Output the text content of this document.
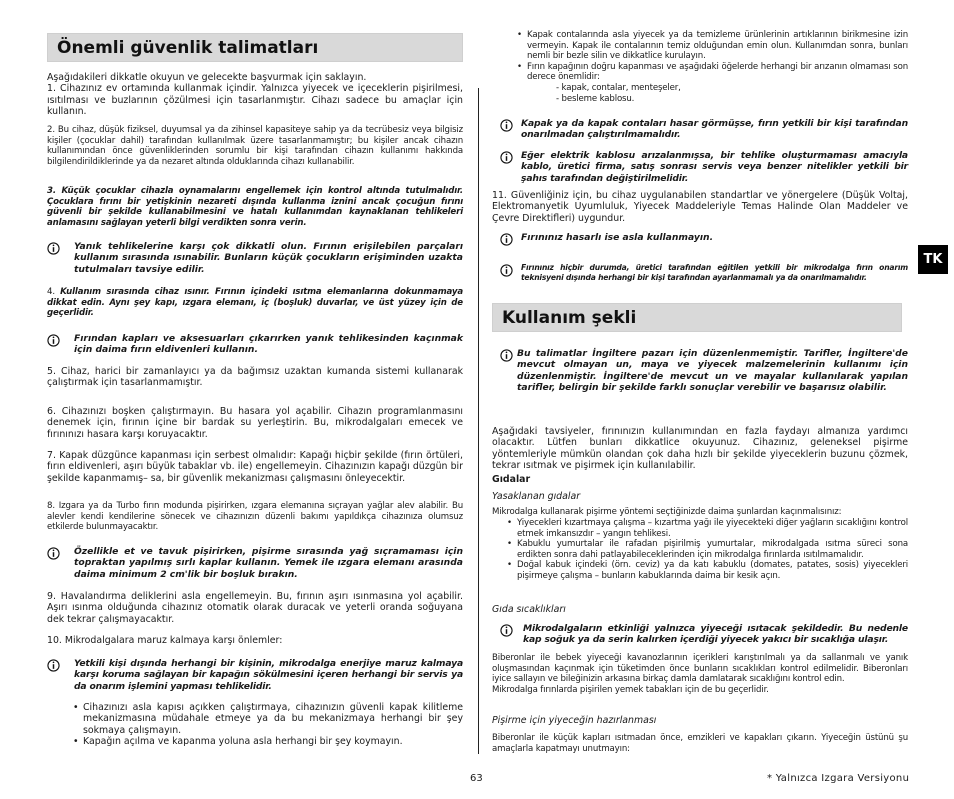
Önemli güvenlik talimatları

Aşağıdakileri dikkatle okuyun ve gelecekte başvurmak için saklayın.

1. Cihazınız ev ortamında kullanmak içindir. Yalnızca yiyecek ve içeceklerin pişirilmesi, ısıtılması ve buzlarının çözülmesi için tasarlanmıştır. Cihazı sadece bu amaçlar için kullanın.

2. Bu cihaz, düşük fiziksel, duyumsal ya da zihinsel kapasiteye sahip ya da tecrübesiz veya bilgisiz kişiler (çocuklar dahil) tarafından kullanılmak üzere tasarlanmamıştır; bu kişiler ancak cihazın kullanımından önce güvenliklerinden sorumlu bir kişi tarafından cihazın kullanımı hakkında bilgilendirildiklerinde ya da nezaret altında olduklarında cihazı kullanabilir.
3. Küçük çocuklar cihazla oynamalarını engellemek için kontrol altında tutulmalıdır. Çocuklara fırını bir yetişkinin nezareti dışında kullanma iznini ancak çocuğun fırını güvenli bir şekilde kullanabilmesini ve hatalı kullanımdan kaynaklanan tehlikeleri anlamasını sağlayan yeterli bilgi verdikten sonra verin.
Yanık tehlikelerine karşı çok dikkatli olun. Fırının erişilebilen parçaları kullanım sırasında ısınabilir. Bunların küçük çocukların erişiminden uzakta tutulmaları tavsiye edilir.
4. Kullanım sırasında cihaz ısınır. Fırının içindeki ısıtma elemanlarına dokunmamaya dikkat edin. Aynı şey kapı, ızgara elemanı, iç (boşluk) duvarlar, ve üst yüzey için de geçerlidir.
Fırından kapları ve aksesuarları çıkarırken yanık tehlikesinden kaçınmak için daima fırın eldivenleri kullanın.
5. Cihaz, harici bir zamanlayıcı ya da bağımsız uzaktan kumanda sistemi kullanarak çalıştırmak için tasarlanmamıştır.
6. Cihazınızı boşken çalıştırmayın. Bu hasara yol açabilir. Cihazın programlanmasını denemek için, fırının içine bir bardak su yerleştirin. Bu, mikrodalgaları emecek ve fırınınızı hasara karşı koruyacaktır.
7. Kapak düzgünce kapanması için serbest olmalıdır: Kapağı hiçbir şekilde (fırın örtüleri, fırın eldivenleri, aşırı büyük tabaklar vb. ile) engellemeyin. Cihazınızın kapağı düzgün bir şekilde kapanmamış– sa, bir güvenlik mekanizması çalışmasını önleyecektir.
8. Izgara ya da Turbo fırın modunda pişirirken, ızgara elemanına sıçrayan yağlar alev alabilir. Bu alevler kendi kendilerine sönecek ve cihazınızın düzenli bakımı yapıldıkça cihazınıza olumsuz etkilerde bulunmayacaktır.
Özellikle et ve tavuk pişirirken, pişirme sırasında yağ sıçramaması için topraktan yapılmış sırlı kaplar kullanın. Yemek ile ızgara elemanı arasında daima minimum 2 cm'lik bir boşluk bırakın.
9. Havalandırma deliklerini asla engellemeyin. Bu, fırının aşırı ısınmasına yol açabilir. Aşırı ısınma olduğunda cihazınız otomatik olarak duracak ve yeterli oranda soğuyana dek tekrar çalışmayacaktır.
10. Mikrodalgalara maruz kalmaya karşı önlemler:
Yetkili kişi dışında herhangi bir kişinin, mikrodalga enerjiye maruz kalmaya karşı koruma sağlayan bir kapağın sökülmesini içeren herhangi bir servis ya da onarım işlemini yapması tehlikelidir.
• Cihazınızı asla kapısı açıkken çalıştırmaya, cihazınızın güvenli kapak kilitleme mekanizmasına müdahale etmeye ya da bu mekanizmaya herhangi bir şey sokmaya çalışmayın.
• Kapağın açılma ve kapanma yoluna asla herhangi bir şey koymayın.
• Kapak contalarında asla yiyecek ya da temizleme ürünlerinin artıklarının birikmesine izin vermeyin. Kapak ile contalarının temiz olduğundan emin olun. Kullanımdan sonra, bunları nemli bir bezle silin ve dikkatlice kurulayın.
• Fırın kapağının doğru kapanması ve aşağıdaki öğelerde herhangi bir arızanın olmaması son derece önemlidir:
- kapak, contalar, menteşeler,
- besleme kablosu.
Kapak ya da kapak contaları hasar görmüşse, fırın yetkili bir kişi tarafından onarılmadan çalıştırılmamalıdır.
Eğer elektrik kablosu arızalanmışsa, bir tehlike oluşturmaması amacıyla kablo, üretici firma, satış sonrası servis veya benzer nitelikler yetkili bir şahıs tarafından değiştirilmelidir.
11. Güvenliğiniz için, bu cihaz uygulanabilen standartlar ve yönergelere (Düşük Voltaj, Elektromanyetik Uyumluluk, Yiyecek Maddeleriyle Temas Halinde Olan Maddeler ve Çevre Direktifleri) uygundur.
Fırınınız hasarlı ise asla kullanmayın.
Fırınınız hiçbir durumda, üretici tarafından eğitilen yetkili bir mikrodalga fırın onarım teknisyeni dışında herhangi bir kişi tarafından ayarlanmamalı ya da onarılmamalıdır.
Kullanım şekli
Bu talimatlar İngiltere pazarı için düzenlenmemiştir. Tarifler, İngiltere'de mevcut olmayan un, maya ve yiyecek malzemelerinin kullanımı için düzenlenmiştir. İngiltere'de mevcut un ve mayalar kullanılarak yapılan tarifler, belirgin bir şekilde farklı sonuçlar verebilir ve başarısız olabilir.
Aşağıdaki tavsiyeler, fırınınızın kullanımından en fazla faydayı almanıza yardımcı olacaktır. Lütfen bunları dikkatlice okuyunuz. Cihazınız, geleneksel pişirme yöntemleriyle mümkün olandan çok daha hızlı bir şekilde yiyeceklerin buzunu çözmek, tekrar ısıtmak ve pişirmek için kullanılabilir.
Gıdalar
Yasaklanan gıdalar
Mikrodalga kullanarak pişirme yöntemi seçtiğinizde daima şunlardan kaçınmalısınız:
• Yiyecekleri kızartmaya çalışma – kızartma yağı ile yiyecekteki diğer yağların sıcaklığını kontrol etmek imkansızdır – yangın tehlikesi.
• Kabuklu yumurtalar ile rafadan pişirilmiş yumurtalar, mikrodalgada ısıtma süreci sona erdikten sonra dahi patlayabileceklerinden için mikrodalga fırınlarda ısıtılmamalıdır.
• Doğal kabuk içindeki (örn. ceviz) ya da katı kabuklu (domates, patates, sosis) yiyecekleri pişirmeye çalışma – bunların kabuklarında daima bir kesik açın.
Gıda sıcaklıkları
Mikrodalgaların etkinliği yalnızca yiyeceği ısıtacak şekildedir. Bu nedenle kap soğuk ya da serin kalırken içerdiği yiyecek yakıcı bir sıcaklığa ulaşır.

Biberonlar ile bebek yiyeceği kavanozlarının içerikleri karıştırılmalı ya da sallanmalı ve yanık oluşmasından kaçınmak için tüketimden önce bunların sıcaklıkları kontrol edilmelidir. Biberonları iyice sallayın ve bileğinizin arkasına birkaç damla damlatarak sıcaklığını kontrol edin.

Mikrodalga fırınlarda pişirilen yemek tabakları için de bu geçerlidir.

Pişirme için yiyeceğin hazırlanması
Biberonlar ile küçük kapları ısıtmadan önce, emzikleri ve kapakları çıkarın. Yiyeceğin üstünü şu amaçlarla kapatmayı unutmayın:
TK
63	* Yalnızca Izgara Versiyonu
